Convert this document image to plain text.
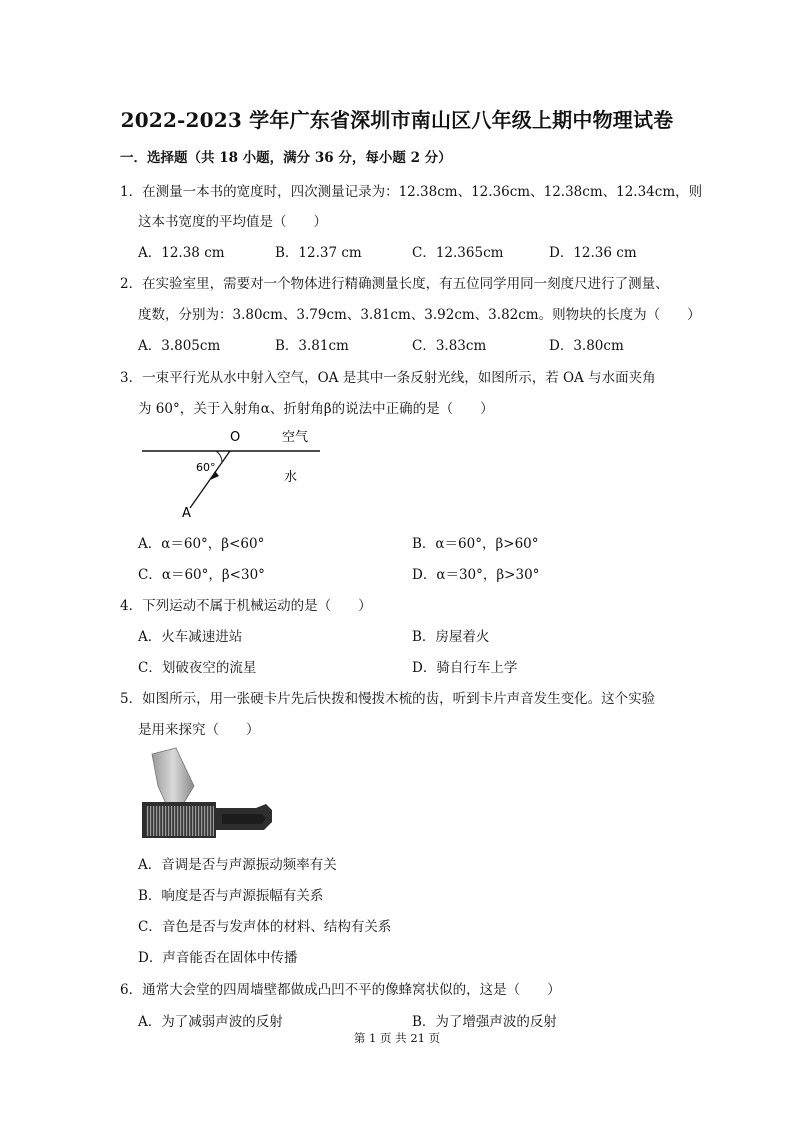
2022-2023 学年广东省深圳市南山区八年级上期中物理试卷
一．选择题（共 18 小题，满分 36 分，每小题 2 分）
1．在测量一本书的宽度时，四次测量记录为：12.38cm、12.36cm、12.38cm、12.34cm，则
这本书宽度的平均值是（　　）
A．12.38 cm	B．12.37 cm	C．12.365cm	D．12.36 cm
2．在实验室里，需要对一个物体进行精确测量长度，有五位同学用同一刻度尺进行了测量、
度数，分别为：3.80cm、3.79cm、3.81cm、3.92cm、3.82cm。则物块的长度为（　　）
A．3.805cm	B．3.81cm	C．3.83cm	D．3.80cm
3．一束平行光从水中射入空气，OA 是其中一条反射光线，如图所示，若 OA 与水面夹角
为 60°，关于入射角α、折射角β的说法中正确的是（　　）
O	空气
水
60°
A
A．α＝60°，β<60°	B．α＝60°，β>60°
C．α＝60°，β<30°	D．α＝30°，β>30°
4．下列运动不属于机械运动的是（　　）
A．火车减速进站	B．房屋着火
C．划破夜空的流星	D．骑自行车上学
5．如图所示，用一张硬卡片先后快拨和慢拨木梳的齿，听到卡片声音发生变化。这个实验
是用来探究（　　）
A．音调是否与声源振动频率有关
B．响度是否与声源振幅有关系
C．音色是否与发声体的材料、结构有关系
D．声音能否在固体中传播
6．通常大会堂的四周墙壁都做成凸凹不平的像蜂窝状似的，这是（　　）
A．为了减弱声波的反射	B．为了增强声波的反射
第 1 页 共 21 页
